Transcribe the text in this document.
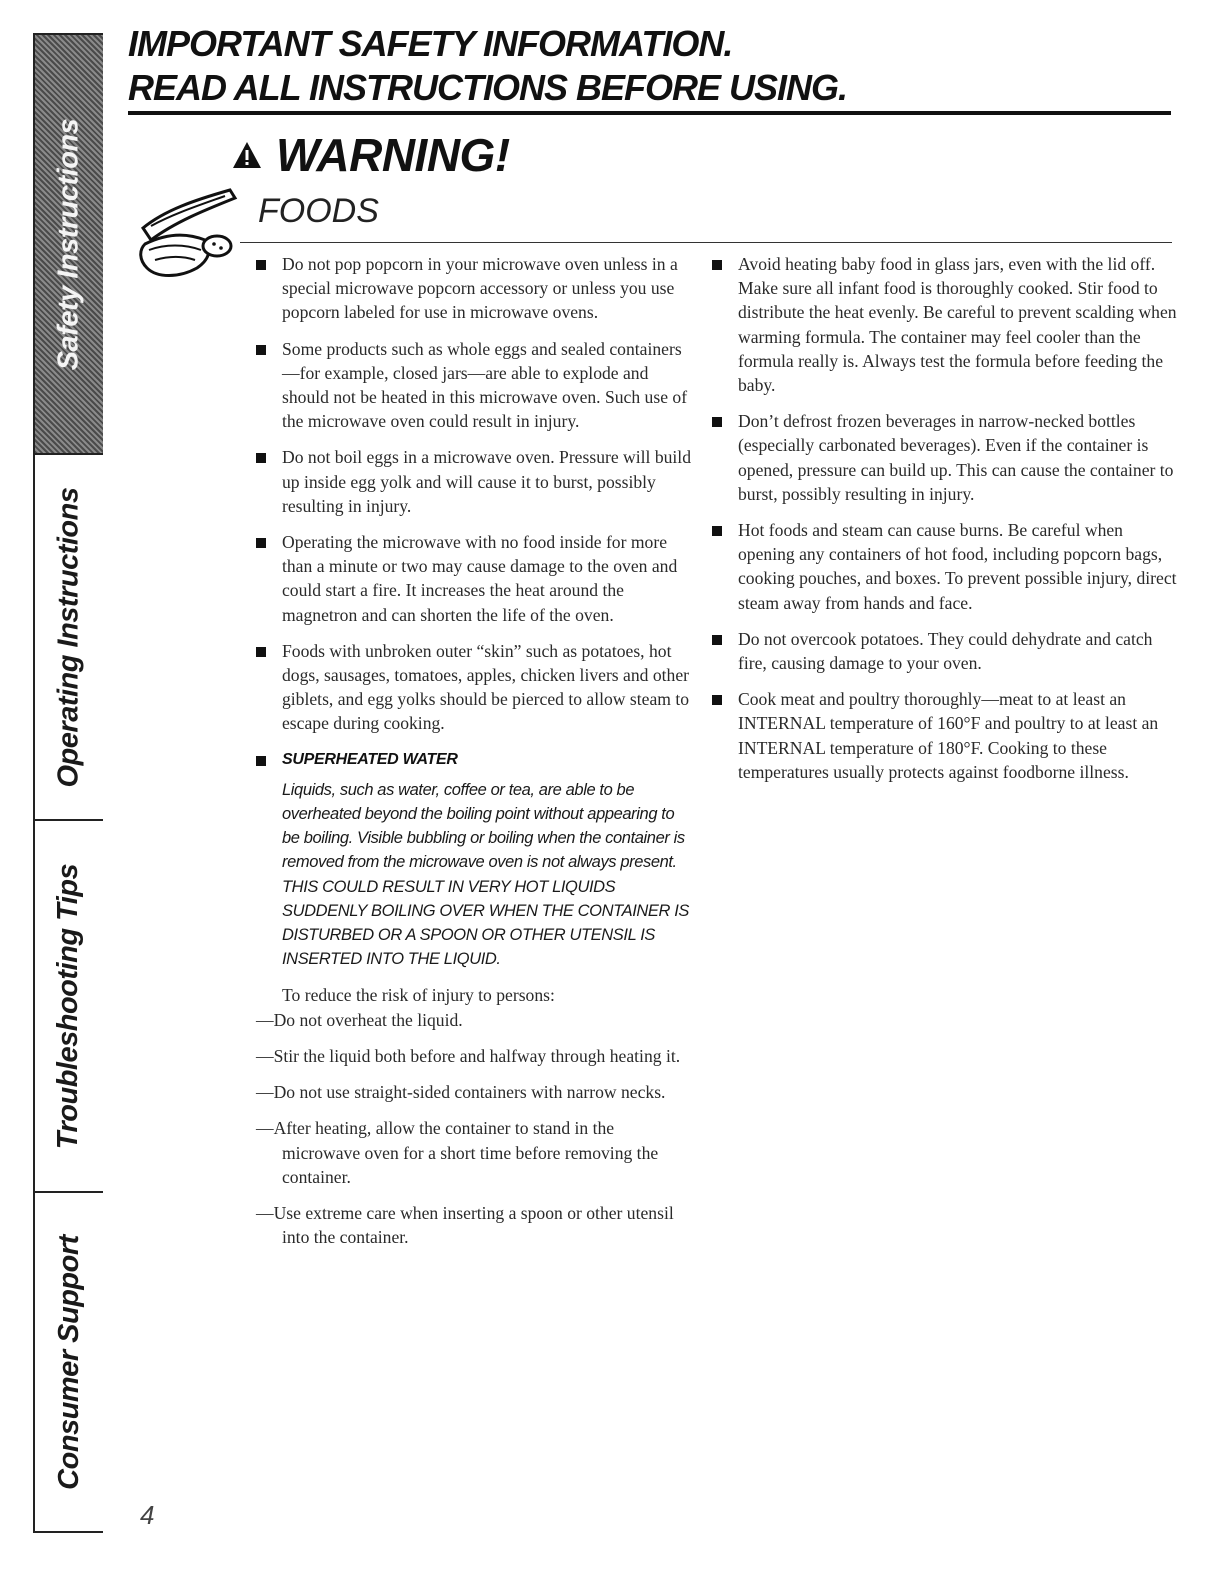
Safety Instructions
Operating Instructions
Troubleshooting Tips
Consumer Support
IMPORTANT SAFETY INFORMATION.
READ ALL INSTRUCTIONS BEFORE USING.
WARNING!
FOODS
Do not pop popcorn in your microwave oven unless in a special microwave popcorn accessory or unless you use popcorn labeled for use in microwave ovens.
Some products such as whole eggs and sealed containers—for example, closed jars—are able to explode and should not be heated in this microwave oven. Such use of the microwave oven could result in injury.
Do not boil eggs in a microwave oven. Pressure will build up inside egg yolk and will cause it to burst, possibly resulting in injury.
Operating the microwave with no food inside for more than a minute or two may cause damage to the oven and could start a fire. It increases the heat around the magnetron and can shorten the life of the oven.
Foods with unbroken outer “skin” such as potatoes, hot dogs, sausages, tomatoes, apples, chicken livers and other giblets, and egg yolks should be pierced to allow steam to escape during cooking.
SUPERHEATED WATER
Liquids, such as water, coffee or tea, are able to be overheated beyond the boiling point without appearing to be boiling. Visible bubbling or boiling when the container is removed from the microwave oven is not always present. THIS COULD RESULT IN VERY HOT LIQUIDS SUDDENLY BOILING OVER WHEN THE CONTAINER IS DISTURBED OR A SPOON OR OTHER UTENSIL IS INSERTED INTO THE LIQUID.
To reduce the risk of injury to persons:
—Do not overheat the liquid.
—Stir the liquid both before and halfway through heating it.
—Do not use straight-sided containers with narrow necks.
—After heating, allow the container to stand in the microwave oven for a short time before removing the container.
—Use extreme care when inserting a spoon or other utensil into the container.
Avoid heating baby food in glass jars, even with the lid off. Make sure all infant food is thoroughly cooked. Stir food to distribute the heat evenly. Be careful to prevent scalding when warming formula. The container may feel cooler than the formula really is. Always test the formula before feeding the baby.
Don’t defrost frozen beverages in narrow-necked bottles (especially carbonated beverages). Even if the container is opened, pressure can build up. This can cause the container to burst, possibly resulting in injury.
Hot foods and steam can cause burns. Be careful when opening any containers of hot food, including popcorn bags, cooking pouches, and boxes. To prevent possible injury, direct steam away from hands and face.
Do not overcook potatoes. They could dehydrate and catch fire, causing damage to your oven.
Cook meat and poultry thoroughly—meat to at least an INTERNAL temperature of 160°F and poultry to at least an INTERNAL temperature of 180°F. Cooking to these temperatures usually protects against foodborne illness.
4
